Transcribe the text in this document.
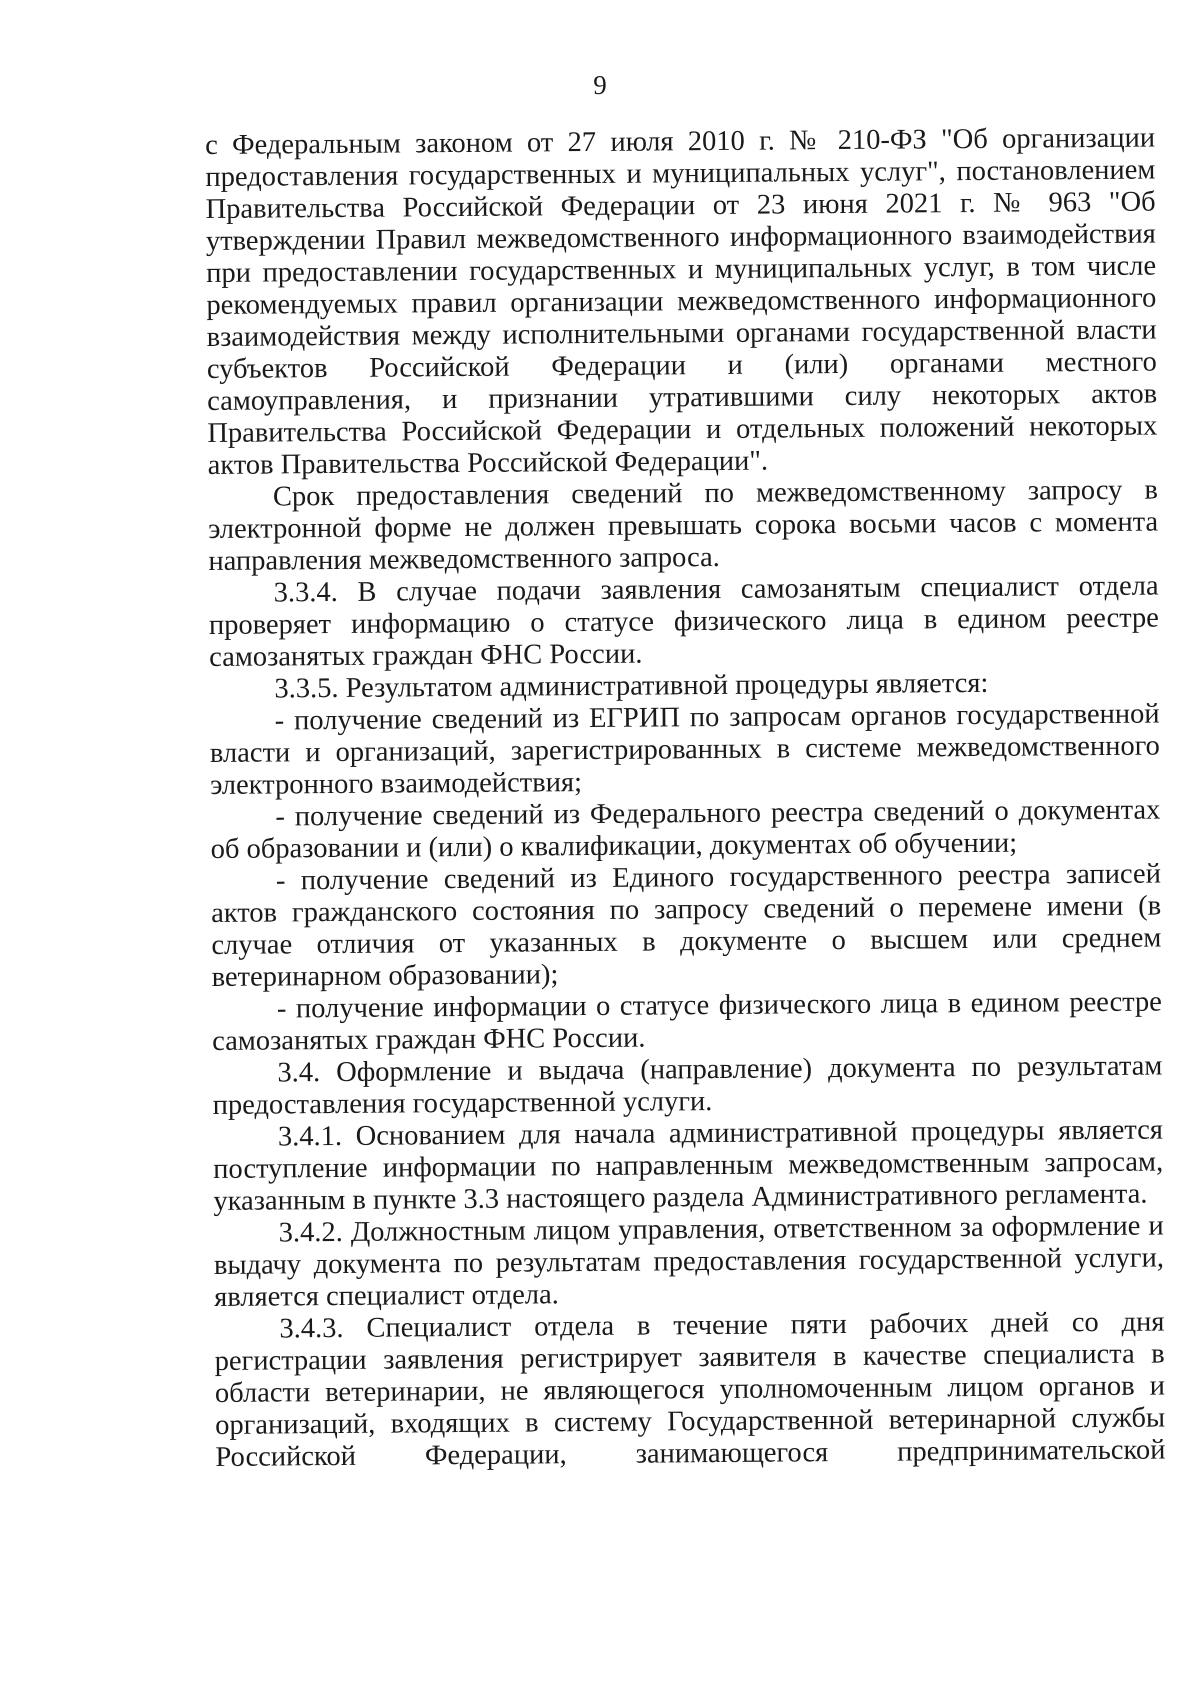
9

с Федеральным законом от 27 июля 2010 г. № 210-ФЗ "Об организации предоставления государственных и муниципальных услуг", постановлением Правительства Российской Федерации от 23 июня 2021 г. № 963 "Об утверждении Правил межведомственного информационного взаимодействия при предоставлении государственных и муниципальных услуг, в том числе рекомендуемых правил организации межведомственного информационного взаимодействия между исполнительными органами государственной власти субъектов Российской Федерации и (или) органами местного самоуправления, и признании утратившими силу некоторых актов Правительства Российской Федерации и отдельных положений некоторых актов Правительства Российской Федерации".

Срок предоставления сведений по межведомственному запросу в электронной форме не должен превышать сорока восьми часов с момента направления межведомственного запроса.

3.3.4. В случае подачи заявления самозанятым специалист отдела проверяет информацию о статусе физического лица в едином реестре самозанятых граждан ФНС России.

3.3.5. Результатом административной процедуры является:

- получение сведений из ЕГРИП по запросам органов государственной власти и организаций, зарегистрированных в системе межведомственного электронного взаимодействия;

- получение сведений из Федерального реестра сведений о документах об образовании и (или) о квалификации, документах об обучении;

- получение сведений из Единого государственного реестра записей актов гражданского состояния по запросу сведений о перемене имени (в случае отличия от указанных в документе о высшем или среднем ветеринарном образовании);

- получение информации о статусе физического лица в едином реестре самозанятых граждан ФНС России.

3.4. Оформление и выдача (направление) документа по результатам предоставления государственной услуги.

3.4.1. Основанием для начала административной процедуры является поступление информации по направленным межведомственным запросам, указанным в пункте 3.3 настоящего раздела Административного регламента.

3.4.2. Должностным лицом управления, ответственном за оформление и выдачу документа по результатам предоставления государственной услуги, является специалист отдела.

3.4.3. Специалист отдела в течение пяти рабочих дней со дня регистрации заявления регистрирует заявителя в качестве специалиста в области ветеринарии, не являющегося уполномоченным лицом органов и организаций, входящих в систему Государственной ветеринарной службы Российской Федерации, занимающегося предпринимательской
